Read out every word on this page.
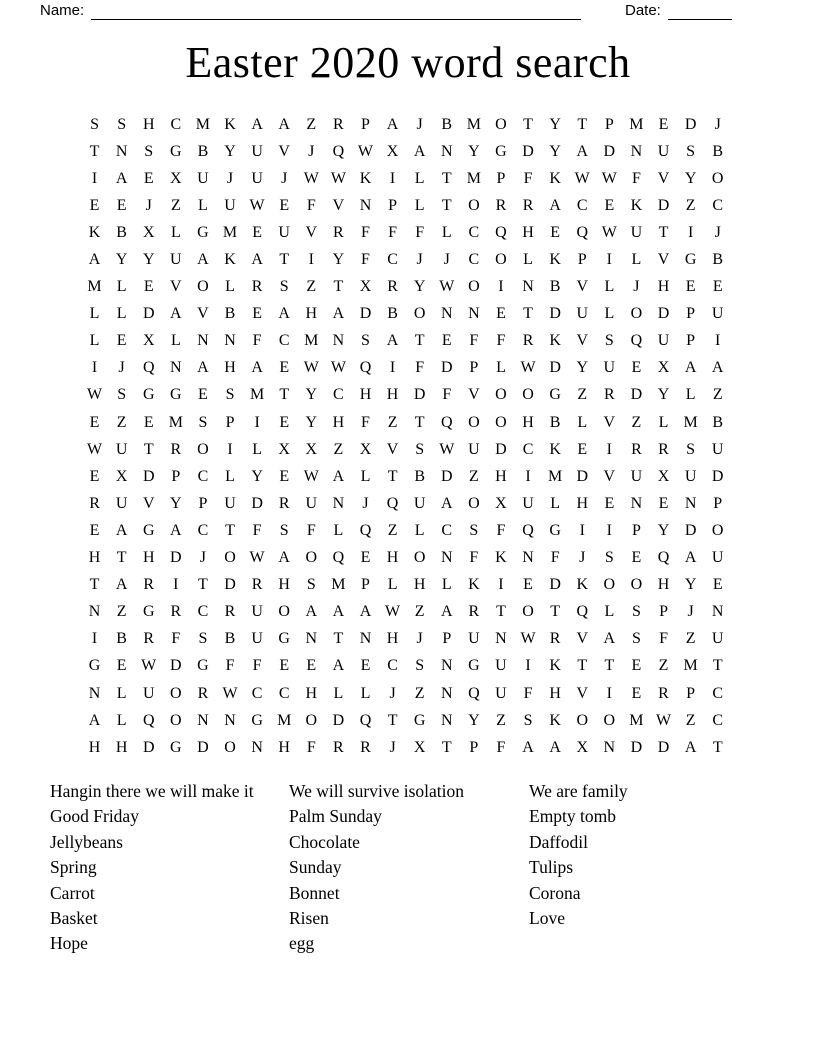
Name:	Date:
Easter 2020 word search
S	S	H C M K A A	Z	R	P	A	J	B M O	T	Y	T	P M E	D	J
T	N	S	G B Y U V	J	Q W X A N Y G D Y A D N U	S	B
I	A	E	X U	J	U	J	W W K	I	L	T M P	F	K W W F	V Y O
E	E	J	Z	L	U W E	F	V N	P	L	T	O R	R A C	E	K D	Z	C
K B X	L	G M E	U V R	F	F	F	L	C Q H	E	Q W U	T	I	J
A Y Y U A K A	T	I	Y	F	C	J	J	C O	L	K	P	I	L	V G B
M L	E	V O	L	R	S	Z	T	X R Y W O	I	N B V	L	J	H	E	E
L	L	D A V B	E	A H A D B O N N	E	T	D U	L	O D	P	U
L	E	X	L	N N	F	C M N	S	A	T	E	F	F	R K V	S	Q U	P	I
I	J	Q N A H A	E W W Q	I	F	D	P	L W D Y U	E	X A A
W S	G G	E	S M T	Y C H H D	F	V O O G	Z	R D Y	L	Z
E	Z	E M S	P	I	E	Y H	F	Z	T	Q O O H B	L	V	Z	L M B
W U	T	R O	I	L	X X	Z	X V	S W U D C K	E	I	R	R	S	U
E	X D	P	C	L	Y	E W A	L	T	B D	Z	H	I	M D V U X U D
R U V Y	P	U D R U N	J	Q U A O X U	L	H	E	N	E	N	P
E	A G A C	T	F	S	F	L	Q	Z	L	C	S	F	Q G	I	I	P	Y D O
H	T	H D	J	O W A O Q	E	H O N	F	K N	F	J	S	E	Q A U
T	A R	I	T	D R H	S M P	L	H	L	K	I	E	D K O O H Y	E
N	Z	G R	C	R U O A A A W Z	A R	T	O	T	Q	L	S	P	J	N
I	B	R	F	S	B U G N	T	N H	J	P	U N W R V A	S	F	Z	U
G	E W D G	F	F	E	E	A	E	C	S	N G U	I	K	T	T	E	Z M T
N	L	U O R W C	C H	L	L	J	Z	N Q U	F	H V	I	E	R	P	C
A	L	Q O N N G M O D Q	T	G N Y	Z	S	K O O M W Z	C
H H D G D O N H	F	R	R	J	X	T	P	F	A A X N D D A	T
Hangin there we will make it
Good Friday
Jellybeans
Spring
Carrot
Basket
Hope
We will survive isolation
Palm Sunday
Chocolate
Sunday
Bonnet
Risen
egg
We are family
Empty tomb
Daffodil
Tulips
Corona
Love
